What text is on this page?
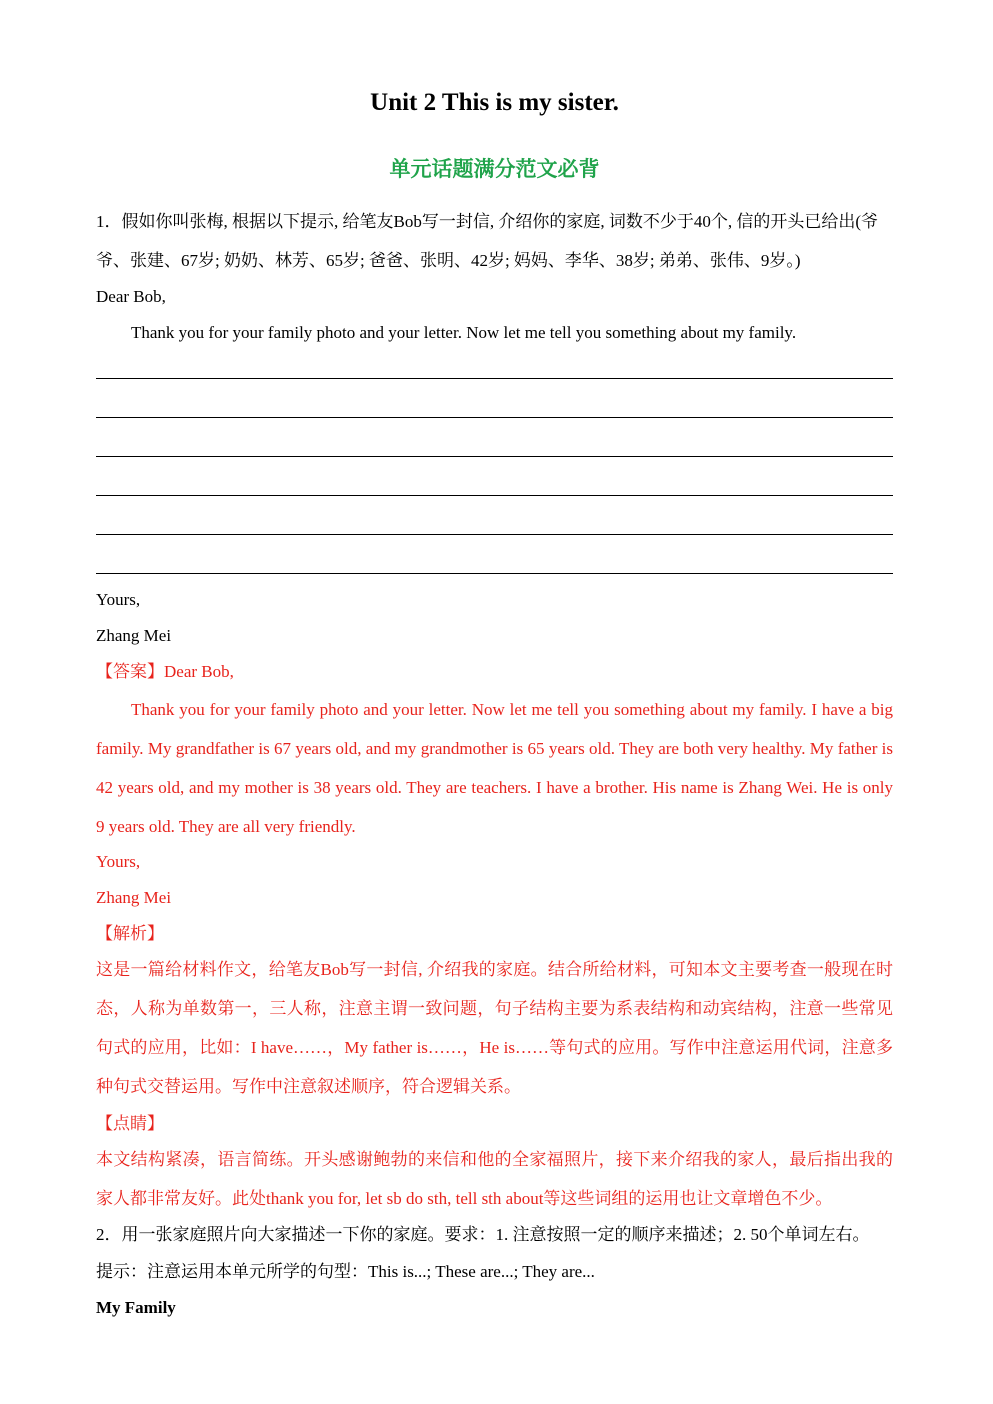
Unit 2 This is my sister.
单元话题满分范文必背

1．假如你叫张梅, 根据以下提示, 给笔友Bob写一封信, 介绍你的家庭, 词数不少于40个, 信的开头已给出(爷爷、张建、67岁; 奶奶、林芳、65岁; 爸爸、张明、42岁; 妈妈、李华、38岁; 弟弟、张伟、9岁。)

Dear Bob,
Thank you for your family photo and your letter. Now let me tell you something about my family.
Yours,
Zhang Mei
【答案】Dear Bob,

Thank you for your family photo and your letter. Now let me tell you something about my family. I have a big family. My grandfather is 67 years old, and my grandmother is 65 years old. They are both very healthy. My father is 42 years old, and my mother is 38 years old. They are teachers. I have a brother. His name is Zhang Wei. He is only 9 years old. They are all very friendly.

Yours,
Zhang Mei
【解析】

这是一篇给材料作文，给笔友Bob写一封信, 介绍我的家庭。结合所给材料，可知本文主要考查一般现在时态，人称为单数第一，三人称，注意主谓一致问题，句子结构主要为系表结构和动宾结构，注意一些常见句式的应用，比如：I have……，My father is……，He is……等句式的应用。写作中注意运用代词，注意多种句式交替运用。写作中注意叙述顺序，符合逻辑关系。

【点睛】

本文结构紧凑，语言简练。开头感谢鲍勃的来信和他的全家福照片，接下来介绍我的家人，最后指出我的家人都非常友好。此处thank you for, let sb do sth, tell sth about等这些词组的运用也让文章增色不少。

2．用一张家庭照片向大家描述一下你的家庭。要求：1. 注意按照一定的顺序来描述；2. 50个单词左右。
提示：注意运用本单元所学的句型：This is...; These are...; They are...
My Family
